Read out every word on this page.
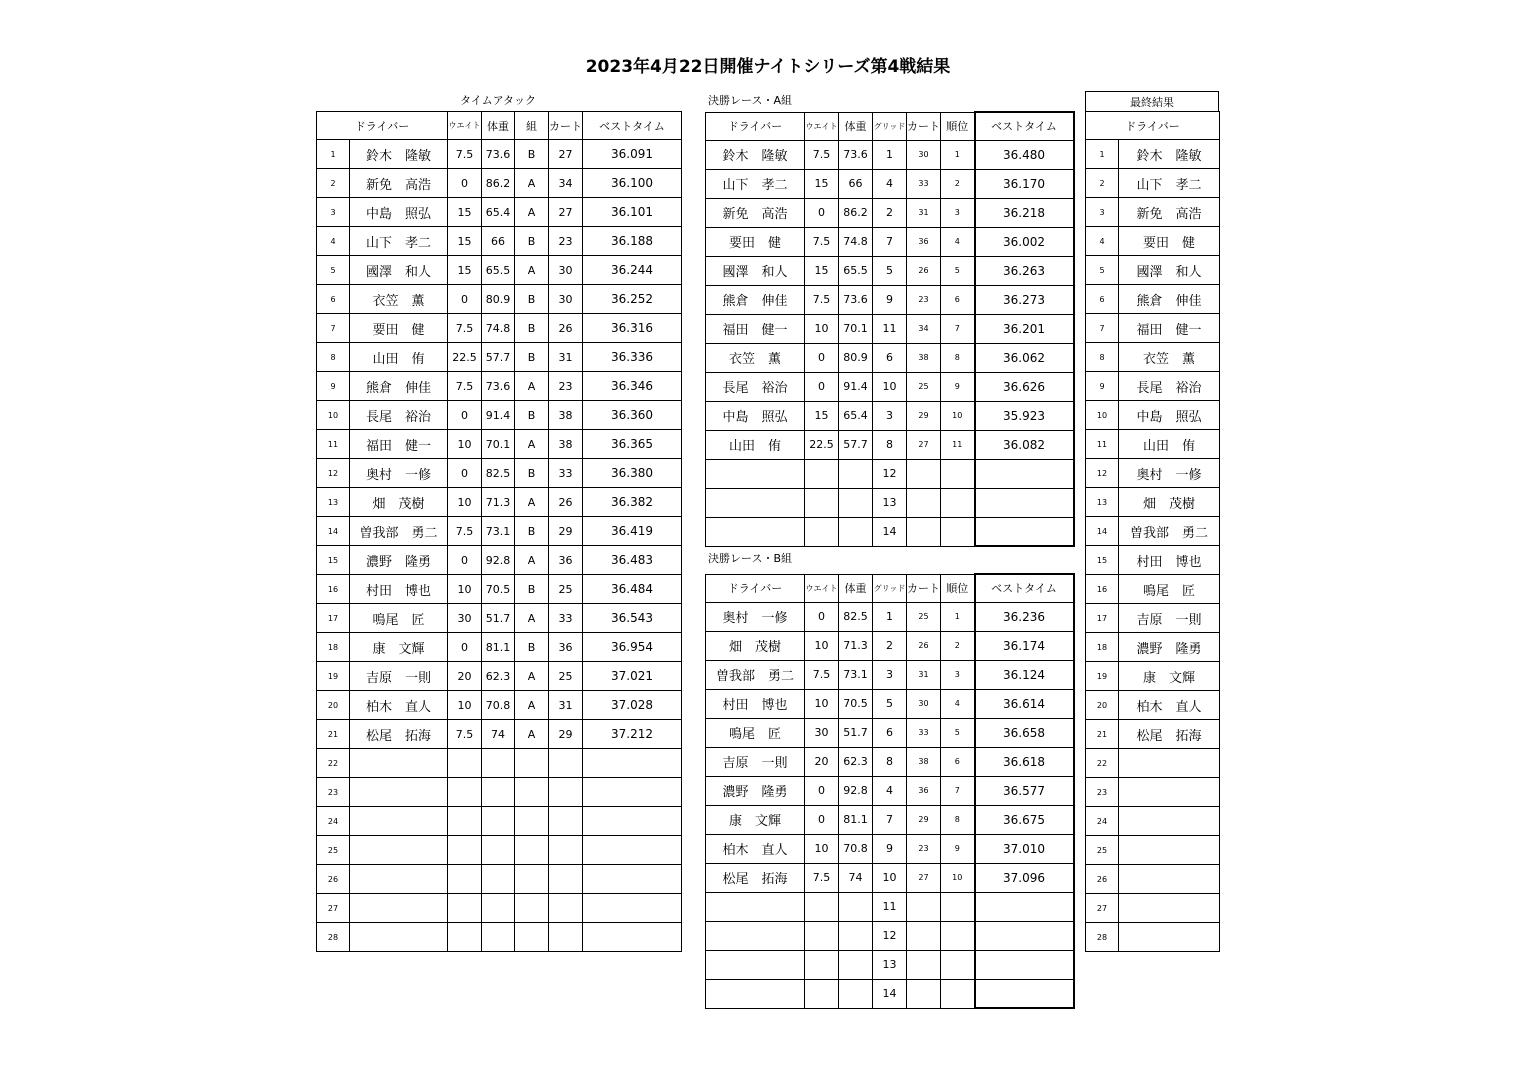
2023年4月22日開催ナイトシリーズ第4戦結果
タイムアタック
ドライバー		ウエイト	体重	組	カート	ベストタイム
1	鈴木　隆敏	7.5	73.6	B	27	36.091
2	新免　高浩	0	86.2	A	34	36.100
3	中島　照弘	15	65.4	A	27	36.101
4	山下　孝二	15	66	B	23	36.188
5	國澤　和人	15	65.5	A	30	36.244
6	衣笠　薫	0	80.9	B	30	36.252
7	要田　健	7.5	74.8	B	26	36.316
8	山田　侑	22.5	57.7	B	31	36.336
9	熊倉　伸佳	7.5	73.6	A	23	36.346
10	長尾　裕治	0	91.4	B	38	36.360
11	福田　健一	10	70.1	A	38	36.365
12	奥村　一修	0	82.5	B	33	36.380
13	畑　茂樹	10	71.3	A	26	36.382
14	曽我部　勇二	7.5	73.1	B	29	36.419
15	濃野　隆勇	0	92.8	A	36	36.483
16	村田　博也	10	70.5	B	25	36.484
17	鳴尾　匠	30	51.7	A	33	36.543
18	康　文輝	0	81.1	B	36	36.954
19	吉原　一則	20	62.3	A	25	37.021
20	柏木　直人	10	70.8	A	31	37.028
21	松尾　拓海	7.5	74	A	29	37.212
22						
23						
24						
25						
26						
27						
28						
決勝レース・A組
ドライバー	ウエイト	体重	グリッド	カート	順位	ベストタイム
鈴木　隆敏	7.5	73.6	1	30	1	36.480
山下　孝二	15	66	4	33	2	36.170
新免　高浩	0	86.2	2	31	3	36.218
要田　健	7.5	74.8	7	36	4	36.002
國澤　和人	15	65.5	5	26	5	36.263
熊倉　伸佳	7.5	73.6	9	23	6	36.273
福田　健一	10	70.1	11	34	7	36.201
衣笠　薫	0	80.9	6	38	8	36.062
長尾　裕治	0	91.4	10	25	9	36.626
中島　照弘	15	65.4	3	29	10	35.923
山田　侑	22.5	57.7	8	27	11	36.082
			12			
			13			
			14			
決勝レース・B組
ドライバー	ウエイト	体重	グリッド	カート	順位	ベストタイム
奥村　一修	0	82.5	1	25	1	36.236
畑　茂樹	10	71.3	2	26	2	36.174
曽我部　勇二	7.5	73.1	3	31	3	36.124
村田　博也	10	70.5	5	30	4	36.614
鳴尾　匠	30	51.7	6	33	5	36.658
吉原　一則	20	62.3	8	38	6	36.618
濃野　隆勇	0	92.8	4	36	7	36.577
康　文輝	0	81.1	7	29	8	36.675
柏木　直人	10	70.8	9	23	9	37.010
松尾　拓海	7.5	74	10	27	10	37.096
			11			
			12			
			13			
			14			
最終結果
ドライバー	
1	鈴木　隆敏
2	山下　孝二
3	新免　高浩
4	要田　健
5	國澤　和人
6	熊倉　伸佳
7	福田　健一
8	衣笠　薫
9	長尾　裕治
10	中島　照弘
11	山田　侑
12	奥村　一修
13	畑　茂樹
14	曽我部　勇二
15	村田　博也
16	鳴尾　匠
17	吉原　一則
18	濃野　隆勇
19	康　文輝
20	柏木　直人
21	松尾　拓海
22	
23	
24	
25	
26	
27	
28	
